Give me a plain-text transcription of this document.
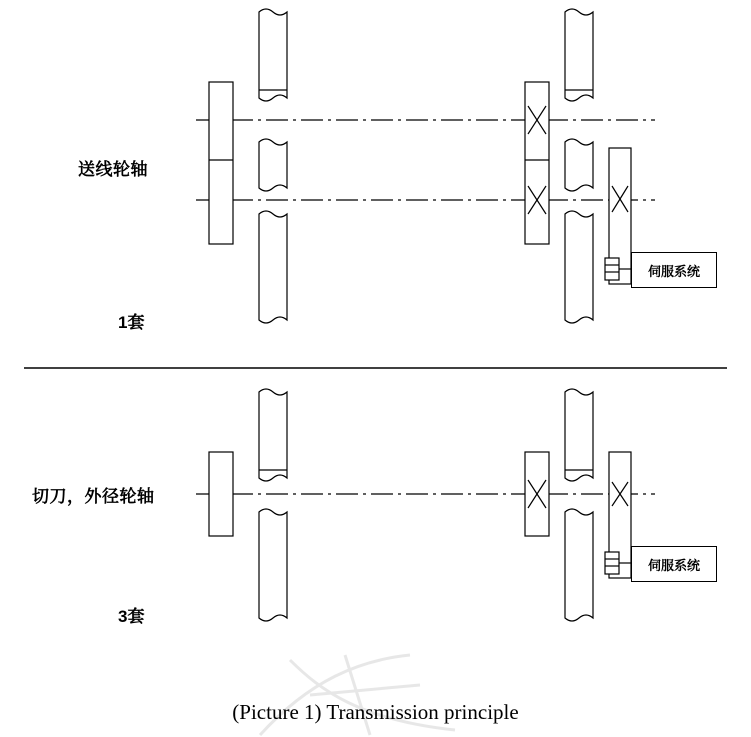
送线轮轴
1套
伺服系统
切刀，外径轮轴
3套
伺服系统
(Picture 1) Transmission principle
